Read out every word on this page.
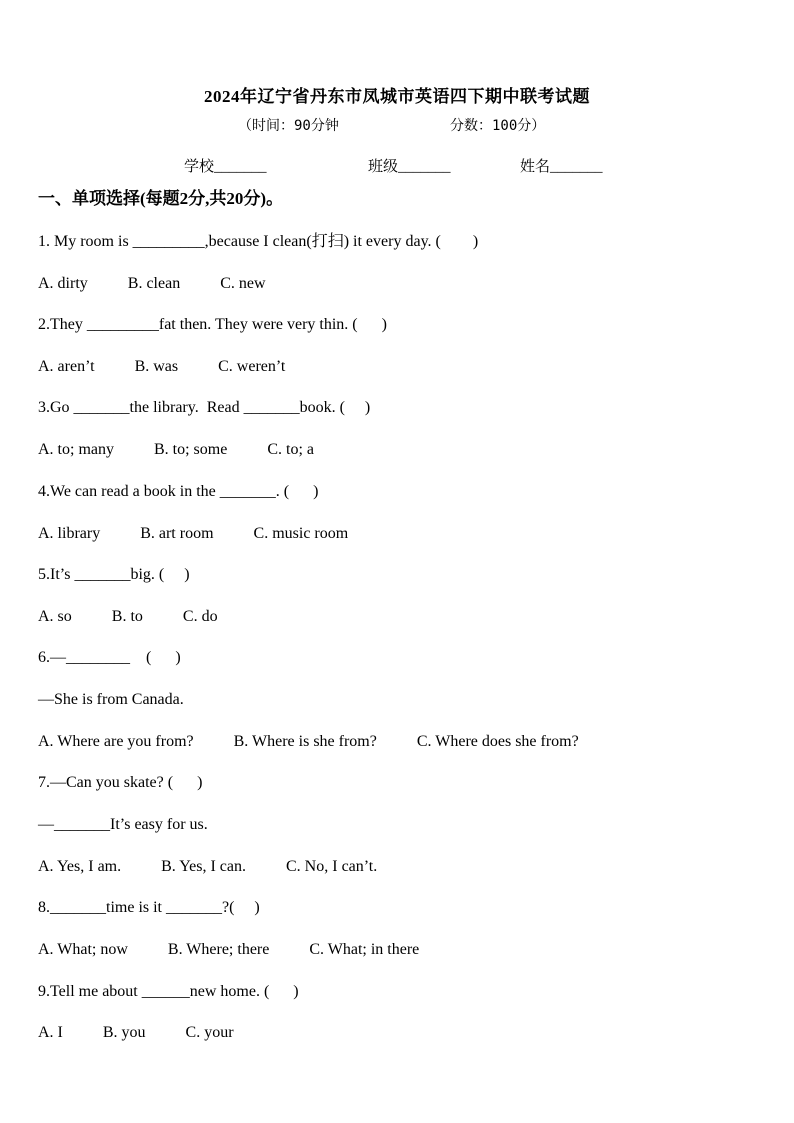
2024年辽宁省丹东市凤城市英语四下期中联考试题
（时间：90分钟	分数：100分）
学校_______	班级_______	姓名_______
一、单项选择(每题2分,共20分)。
1. My room is _________,because I clean(打扫) it every day. (        )
A. dirty          B. clean          C. new
2.They _________fat then. They were very thin. (      )
A. aren’t          B. was          C. weren’t
3.Go _______the library.  Read _______book. (     )
A. to; many          B. to; some          C. to; a
4.We can read a book in the _______. (      )
A. library          B. art room          C. music room
5.It’s _______big. (     )
A. so          B. to          C. do
6.—________    (      )
—She is from Canada.
A. Where are you from?          B. Where is she from?          C. Where does she from?
7.—Can you skate? (      )
—_______It’s easy for us.
A. Yes, I am.          B. Yes, I can.          C. No, I can’t.
8._______time is it _______?(     )
A. What; now          B. Where; there          C. What; in there
9.Tell me about ______new home. (      )
A. I          B. you          C. your
